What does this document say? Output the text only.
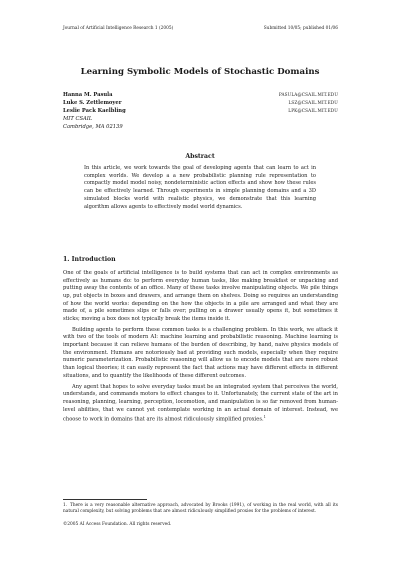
Journal of Artificial Intelligence Research 1 (2005)	Submitted 10/05; published 01/06
Learning Symbolic Models of Stochastic Domains
Hanna M. Pasula	PASULA@CSAIL.MIT.EDU
Luke S. Zettlemoyer	LSZ@CSAIL.MIT.EDU
Leslie Pack Kaelbling	LPK@CSAIL.MIT.EDU
MIT CSAIL
Cambridge, MA 02139
Abstract
In this article, we work towards the goal of developing agents that can learn to act in complex worlds. We develop a a new probabilistic planning rule representation to compactly model model noisy, nondeterministic action effects and show how these rules can be effectively learned. Through experiments in simple planning domains and a 3D simulated blocks world with realistic physics, we demonstrate that this learning algorithm allows agents to effectively model world dynamics.
1. Introduction

One of the goals of artificial intelligence is to build systems that can act in complex environments as effectively as humans do: to perform everyday human tasks, like making breakfast or unpacking and putting away the contents of an office. Many of these tasks involve manipulating objects. We pile things up, put objects in boxes and drawers, and arrange them on shelves. Doing so requires an understanding of how the world works: depending on the how the objects in a pile are arranged and what they are made of, a pile sometimes slips or falls over; pulling on a drawer usually opens it, but sometimes it sticks; moving a box does not typically break the items inside it.

Building agents to perform these common tasks is a challenging problem. In this work, we attack it with two of the tools of modern AI: machine learning and probabilistic reasoning. Machine learning is important because it can relieve humans of the burden of describing, by hand, naive physics models of the environment. Humans are notoriously bad at providing such models, especially when they require numeric parameterization. Probabilistic reasoning will allow us to encode models that are more robust than logical theories; it can easily represent the fact that actions may have different effects in different situations, and to quantify the likelihoods of these different outcomes.

Any agent that hopes to solve everyday tasks must be an integrated system that perceives the world, understands, and commands motors to effect changes to it. Unfortunately, the current state of the art in reasoning, planning, learning, perception, locomotion, and manipulation is so far removed from human-level abilities, that we cannot yet contemplate working in an actual domain of interest. Instead, we choose to work in domains that are its almost ridiculously simplified proxies.$^1$

1. There is a very reasonable alternative approach, advocated by Brooks (1991), of working in the real world, with all its natural complexity, but solving problems that are almost ridiculously simplified proxies for the problems of interest.
©2005 AI Access Foundation. All rights reserved.
